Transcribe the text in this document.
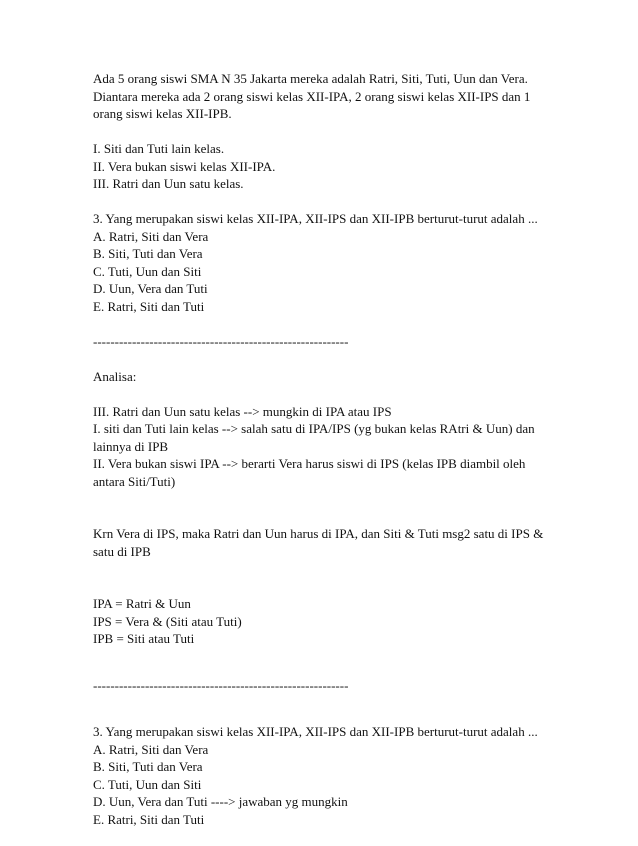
Ada 5 orang siswi SMA N 35 Jakarta mereka adalah Ratri, Siti, Tuti, Uun dan Vera.
Diantara mereka ada 2 orang siswi kelas XII-IPA, 2 orang siswi kelas XII-IPS dan 1
orang siswi kelas XII-IPB.
I. Siti dan Tuti lain kelas.
II. Vera bukan siswi kelas XII-IPA.
III. Ratri dan Uun satu kelas.
3. Yang merupakan siswi kelas XII-IPA, XII-IPS dan XII-IPB berturut-turut adalah ...
A. Ratri, Siti dan Vera
B. Siti, Tuti dan Vera
C. Tuti, Uun dan Siti
D. Uun, Vera dan Tuti
E. Ratri, Siti dan Tuti
-----------------------------------------------------------
Analisa:
III. Ratri dan Uun satu kelas --> mungkin di IPA atau IPS
I. siti dan Tuti lain kelas --> salah satu di IPA/IPS (yg bukan kelas RAtri & Uun) dan
lainnya di IPB
II. Vera bukan siswi IPA --> berarti Vera harus siswi di IPS (kelas IPB diambil oleh
antara Siti/Tuti)
Krn Vera di IPS, maka Ratri dan Uun harus di IPA, dan Siti & Tuti msg2 satu di IPS &
satu di IPB
IPA = Ratri & Uun
IPS = Vera & (Siti atau Tuti)
IPB = Siti atau Tuti
-----------------------------------------------------------
3. Yang merupakan siswi kelas XII-IPA, XII-IPS dan XII-IPB berturut-turut adalah ...
A. Ratri, Siti dan Vera
B. Siti, Tuti dan Vera
C. Tuti, Uun dan Siti
D. Uun, Vera dan Tuti ----> jawaban yg mungkin
E. Ratri, Siti dan Tuti
